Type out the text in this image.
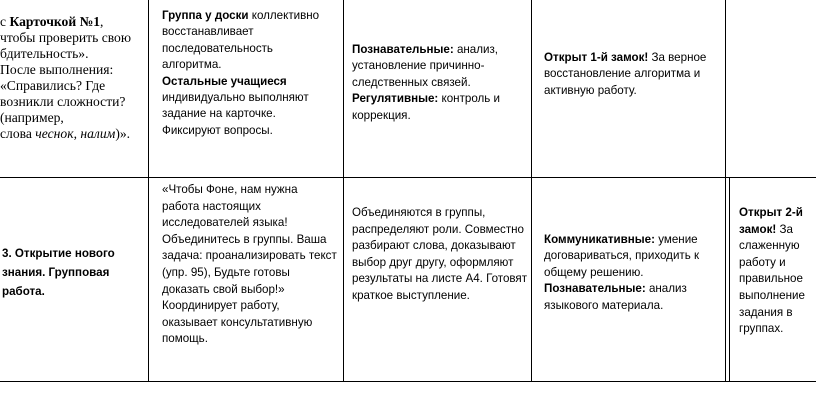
с Карточкой №1,

чтобы проверить свою

бдительность».

После выполнения:

«Справились? Где

возникли сложности?

(например,

слова чеснок, налим)».

Группа у доски коллективно восстанавливает последовательность алгоритма.

Остальные учащиеся индивидуально выполняют задание на карточке. Фиксируют вопросы.

Познавательные: анализ, установление причинно-следственных связей.

Регулятивные: контроль и коррекция.

Открыт 1-й замок! За верное восстановление алгоритма и активную работу.

3. Открытие нового знания. Групповая работа.

«Чтобы Фоне, нам нужна работа настоящих исследователей языка! Объединитесь в группы. Ваша задача: проанализировать текст (упр. 95), Будьте готовы доказать свой выбор!» Координирует работу, оказывает консультативную помощь.

Объединяются в группы, распределяют роли. Совместно разбирают слова, доказывают выбор друг другу, оформляют результаты на листе А4. Готовят краткое выступление.

Коммуникативные: умение договариваться, приходить к общему решению.

Познавательные: анализ языкового материала.

Открыт 2-й замок! За слаженную работу и правильное выполнение задания в группах.
